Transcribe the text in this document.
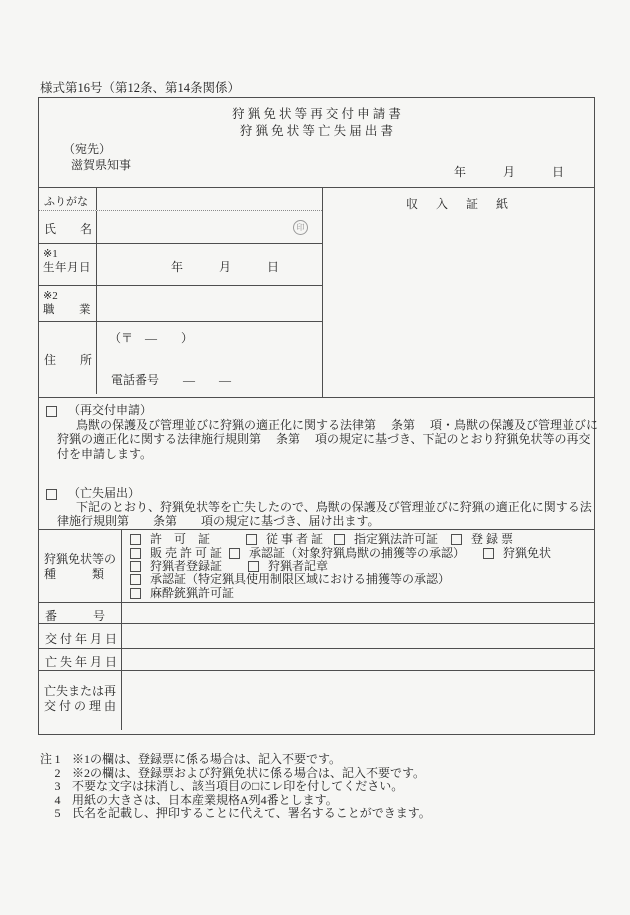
様式第16号（第12条、第14条関係）
狩 猟 免 状 等 再 交 付 申 請 書
狩 猟 免 状 等 亡 失 届 出 書
（宛先）
滋賀県知事	年	月	日
ふりがな
氏　　名	印
※1
生年月日	年　　　月　　　日
※2
職　　業
住　　所
（〒　―　　）
電話番号　　―　　―
収　入　証　紙
（再交付申請）
鳥獣の保護及び管理並びに狩猟の適正化に関する法律第　 条第　 項・鳥獣の保護及び管理並びに
狩猟の適正化に関する法律施行規則第　 条第　 項の規定に基づき、下記のとおり狩猟免状等の再交
付を申請します。
（亡失届出）
下記のとおり、狩猟免状等を亡失したので、鳥獣の保護及び管理並びに狩猟の適正化に関する法
律施行規則第　　条第　　項の規定に基づき、届け出ます。
狩猟免状等の
種　　　類
許　可　証	従 事 者 証	指定猟法許可証	登 録 票
販 売 許 可 証 承認証（対象狩猟鳥獣の捕獲等の承認）	狩猟免状
狩猟者登録証	狩猟者記章
承認証（特定猟具使用制限区域における捕獲等の承認）
麻酔銃猟許可証
番　　　号
交付年月日
亡失年月日
亡失または再
交付の理由
注 1 ※1の欄は、登録票に係る場合は、記入不要です。
2 ※2の欄は、登録票および狩猟免状に係る場合は、記入不要です。
3 不要な文字は抹消し、該当項目の□にレ印を付してください。
4 用紙の大きさは、日本産業規格A列4番とします。
5 氏名を記載し、押印することに代えて、署名することができます。
